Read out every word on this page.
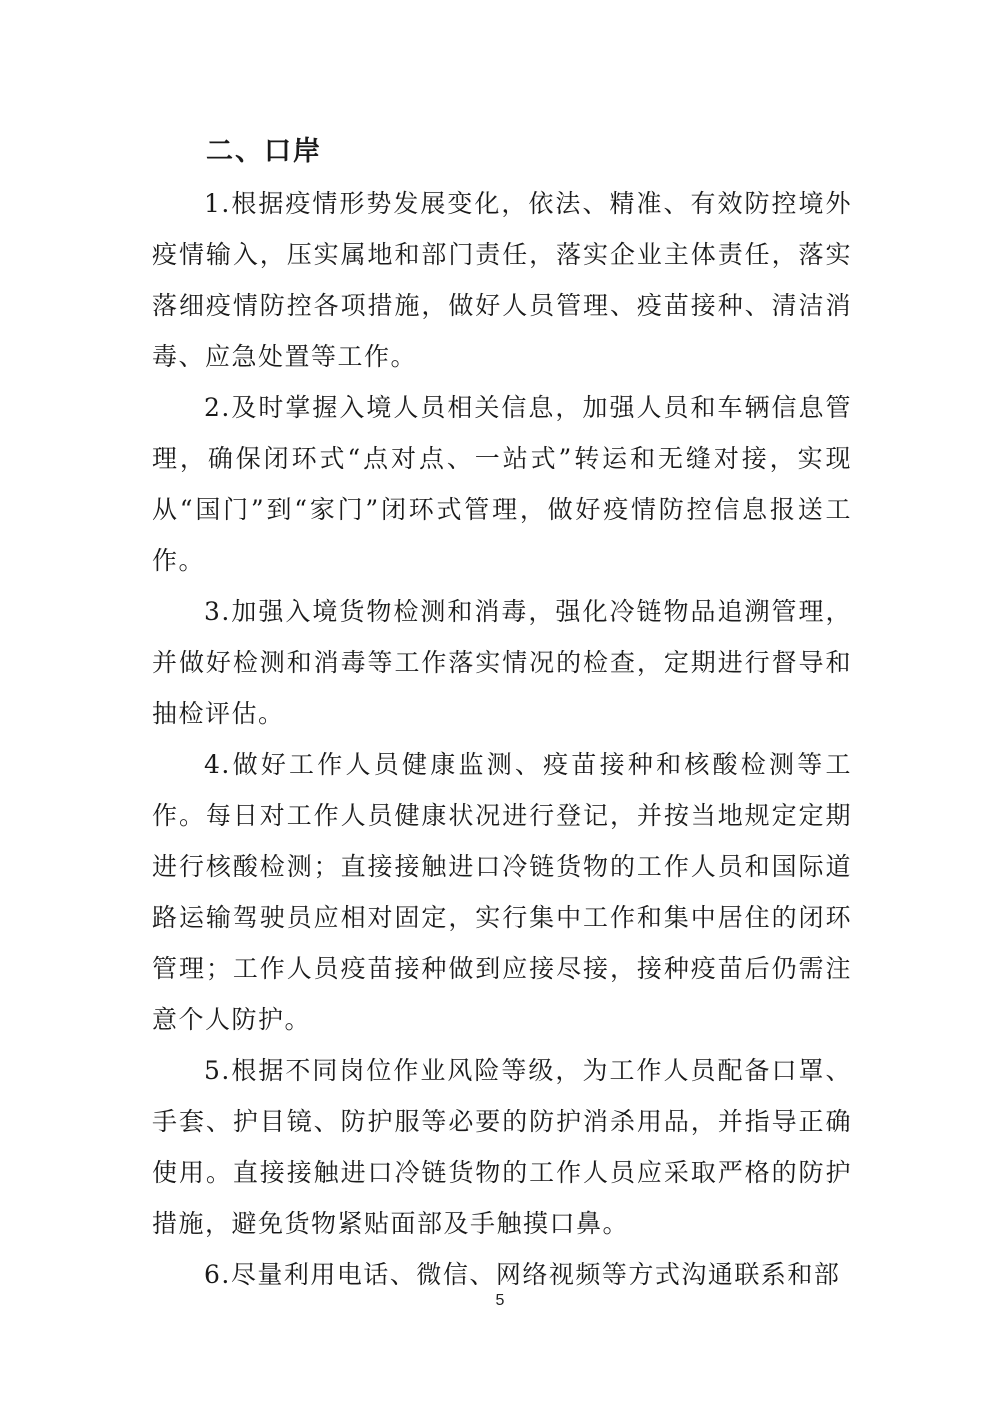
二、口岸

1.根据疫情形势发展变化，依法、精准、有效防控境外疫情输入，压实属地和部门责任，落实企业主体责任，落实落细疫情防控各项措施，做好人员管理、疫苗接种、清洁消毒、应急处置等工作。

2.及时掌握入境人员相关信息，加强人员和车辆信息管理，确保闭环式“点对点、一站式”转运和无缝对接，实现从“国门”到“家门”闭环式管理，做好疫情防控信息报送工作。

3.加强入境货物检测和消毒，强化冷链物品追溯管理，并做好检测和消毒等工作落实情况的检查，定期进行督导和抽检评估。

4.做好工作人员健康监测、疫苗接种和核酸检测等工作。每日对工作人员健康状况进行登记，并按当地规定定期进行核酸检测；直接接触进口冷链货物的工作人员和国际道路运输驾驶员应相对固定，实行集中工作和集中居住的闭环管理；工作人员疫苗接种做到应接尽接，接种疫苗后仍需注意个人防护。

5.根据不同岗位作业风险等级，为工作人员配备口罩、手套、护目镜、防护服等必要的防护消杀用品，并指导正确使用。直接接触进口冷链货物的工作人员应采取严格的防护措施，避免货物紧贴面部及手触摸口鼻。

6.尽量利用电话、微信、网络视频等方式沟通联系和部

5
